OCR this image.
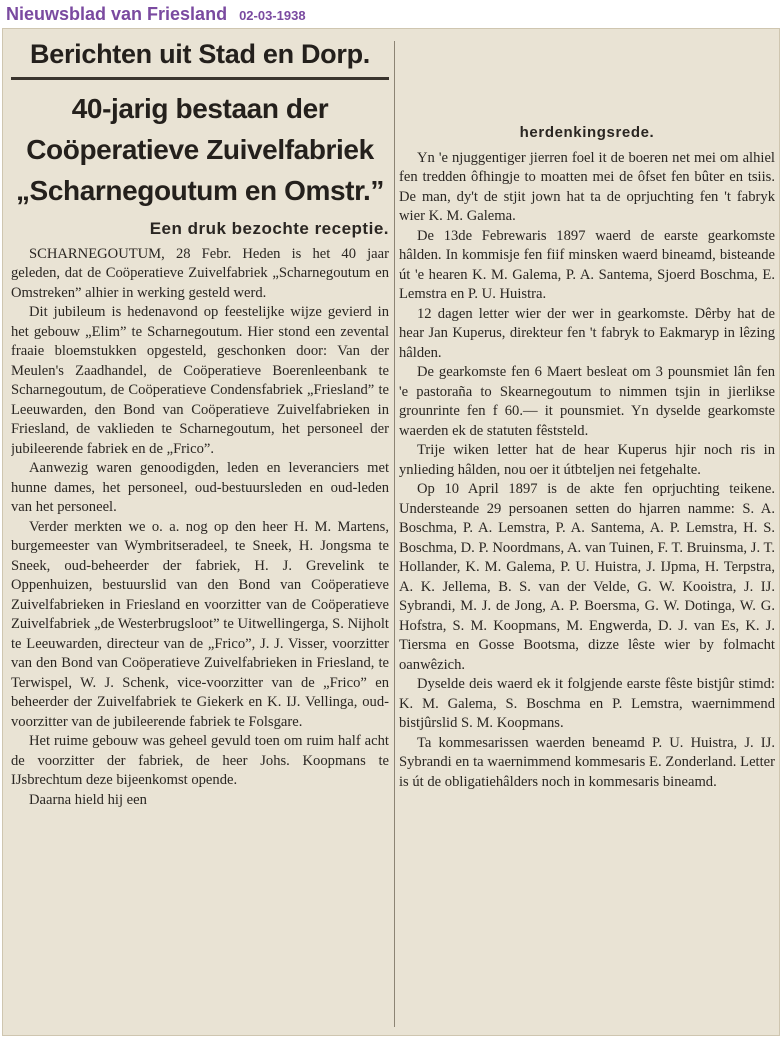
Nieuwsblad van Friesland 02-03-1938
Berichten uit Stad en Dorp.
40-jarig bestaan der
Coöperatieve Zuivelfabriek
„Scharnegoutum en Omstr.”
Een druk bezochte receptie.

SCHARNEGOUTUM, 28 Febr. Heden is het 40 jaar geleden, dat de Coöperatieve Zuivelfabriek „Scharnegoutum en Omstreken” alhier in werking gesteld werd.

Dit jubileum is hedenavond op feestelijke wijze gevierd in het gebouw „Elim” te Scharnegoutum. Hier stond een zevental fraaie bloemstukken opgesteld, geschonken door: Van der Meulen's Zaadhandel, de Coöperatieve Boerenleenbank te Scharnegoutum, de Coöperatieve Condensfabriek „Friesland” te Leeuwarden, den Bond van Coöperatieve Zuivelfabrieken in Friesland, de vaklieden te Scharnegoutum, het personeel der jubileerende fabriek en de „Frico”.

Aanwezig waren genoodigden, leden en leveranciers met hunne dames, het personeel, oud-bestuursleden en oud-leden van het personeel.

Verder merkten we o. a. nog op den heer H. M. Martens, burgemeester van Wymbritseradeel, te Sneek, H. Jongsma te Sneek, oud-beheerder der fabriek, H. J. Grevelink te Oppenhuizen, bestuurslid van den Bond van Coöperatieve Zuivelfabrieken in Friesland en voorzitter van de Coöperatieve Zuivelfabriek „de Westerbrugsloot” te Uitwellingerga, S. Nijholt te Leeuwarden, directeur van de „Frico”, J. J. Visser, voorzitter van den Bond van Coöperatieve Zuivelfabrieken in Friesland, te Terwispel, W. J. Schenk, vice-voorzitter van de „Frico” en beheerder der Zuivelfabriek te Giekerk en K. IJ. Vellinga, oud-voorzitter van de jubileerende fabriek te Folsgare.

Het ruime gebouw was geheel gevuld toen om ruim half acht de voorzitter der fabriek, de heer Johs. Koopmans te IJsbrechtum deze bijeenkomst opende.

Daarna hield hij een

herdenkingsrede.

Yn 'e njuggentiger jierren foel it de boeren net mei om alhiel fen tredden ôfhingje to moatten mei de ôfset fen bûter en tsiis. De man, dy't de stjit jown hat ta de oprjuchting fen 't fabryk wier K. M. Galema.

De 13de Febrewaris 1897 waerd de earste gearkomste hâlden. In kommisje fen fiif minsken waerd bineamd, bisteande út 'e hearen K. M. Galema, P. A. Santema, Sjoerd Boschma, E. Lemstra en P. U. Huistra.

12 dagen letter wier der wer in gearkomste. Dêrby hat de hear Jan Kuperus, direkteur fen 't fabryk to Eakmaryp in lêzing hâlden.

De gearkomste fen 6 Maert besleat om 3 pounsmiet lân fen 'e pastoraña to Skearnegoutum to nimmen tsjin in jierlikse grounrinte fen f 60.— it pounsmiet. Yn dyselde gearkomste waerden ek de statuten fêststeld.

Trije wiken letter hat de hear Kuperus hjir noch ris in ynlieding hâlden, nou oer it útbteljen nei fetgehalte.

Op 10 April 1897 is de akte fen oprjuchting teikene. Understeande 29 persoanen setten do hjarren namme: S. A. Boschma, P. A. Lemstra, P. A. Santema, A. P. Lemstra, H. S. Boschma, D. P. Noordmans, A. van Tuinen, F. T. Bruinsma, J. T. Hollander, K. M. Galema, P. U. Huistra, J. IJpma, H. Terpstra, A. K. Jellema, B. S. van der Velde, G. W. Kooistra, J. IJ. Sybrandi, M. J. de Jong, A. P. Boersma, G. W. Dotinga, W. G. Hofstra, S. M. Koopmans, M. Engwerda, D. J. van Es, K. J. Tiersma en Gosse Bootsma, dizze lêste wier by folmacht oanwêzich.

Dyselde deis waerd ek it folgjende earste fêste bistjûr stimd: K. M. Galema, S. Boschma en P. Lemstra, waernimmend bistjûrslid S. M. Koopmans.

Ta kommesarissen waerden beneamd P. U. Huistra, J. IJ. Sybrandi en ta waernimmend kommesaris E. Zonderland. Letter is út de obligatiehâlders noch in kommesaris bineamd.
